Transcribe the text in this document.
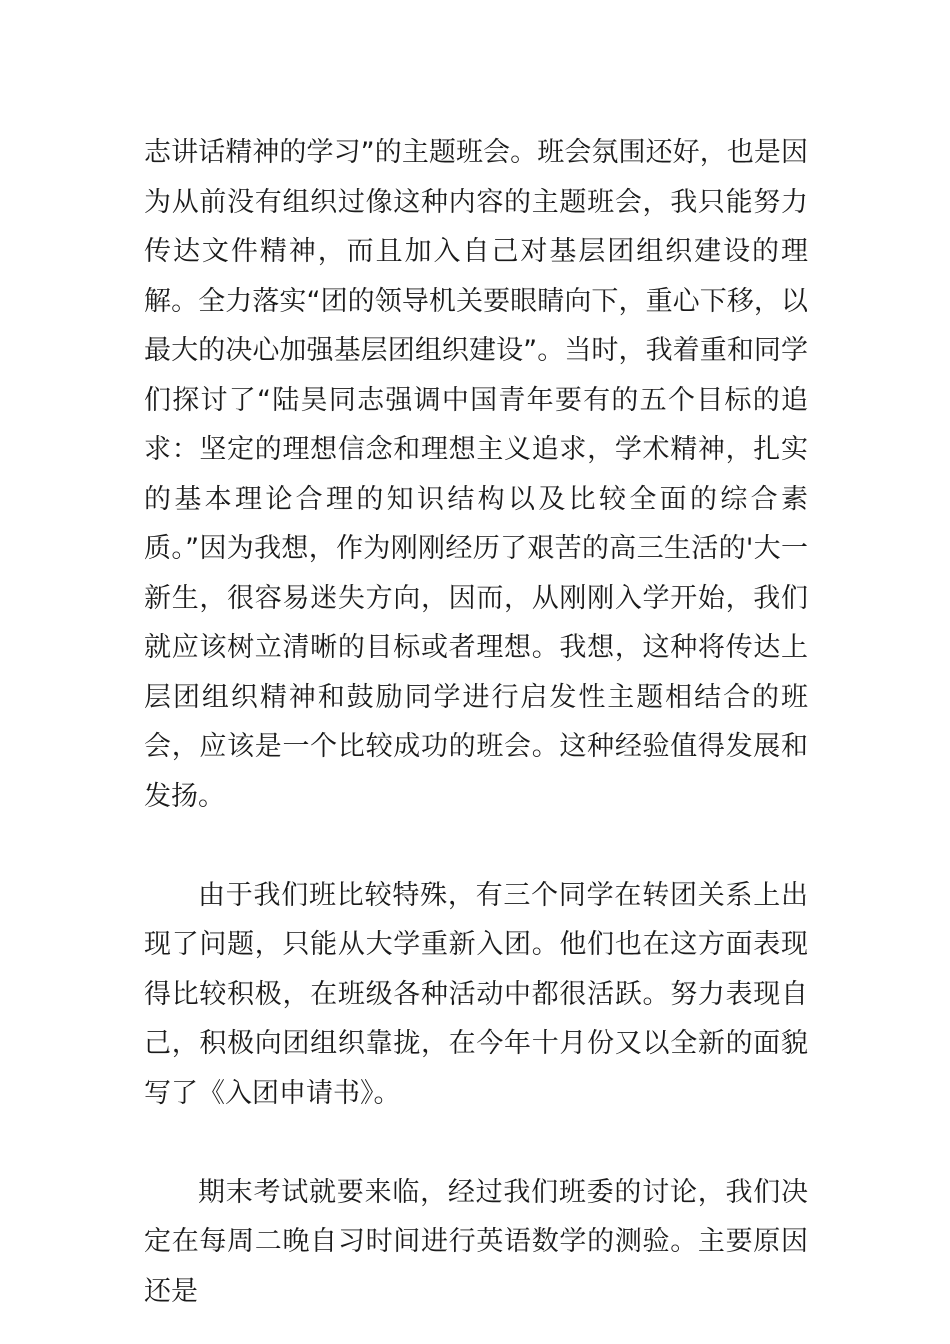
志讲话精神的学习”的主题班会。班会氛围还好，也是因为从前没有组织过像这种内容的主题班会，我只能努力传达文件精神，而且加入自己对基层团组织建设的理解。全力落实“团的领导机关要眼睛向下，重心下移，以最大的决心加强基层团组织建设”。当时，我着重和同学们探讨了“陆昊同志强调中国青年要有的五个目标的追求：坚定的理想信念和理想主义追求，学术精神，扎实的基本理论合理的知识结构以及比较全面的综合素质。”因为我想，作为刚刚经历了艰苦的高三生活的'大一新生，很容易迷失方向，因而，从刚刚入学开始，我们就应该树立清晰的目标或者理想。我想，这种将传达上层团组织精神和鼓励同学进行启发性主题相结合的班会，应该是一个比较成功的班会。这种经验值得发展和发扬。

由于我们班比较特殊，有三个同学在转团关系上出现了问题，只能从大学重新入团。他们也在这方面表现得比较积极，在班级各种活动中都很活跃。努力表现自己，积极向团组织靠拢，在今年十月份又以全新的面貌写了《入团申请书》。

期末考试就要来临，经过我们班委的讨论，我们决定在每周二晚自习时间进行英语数学的测验。主要原因还是
